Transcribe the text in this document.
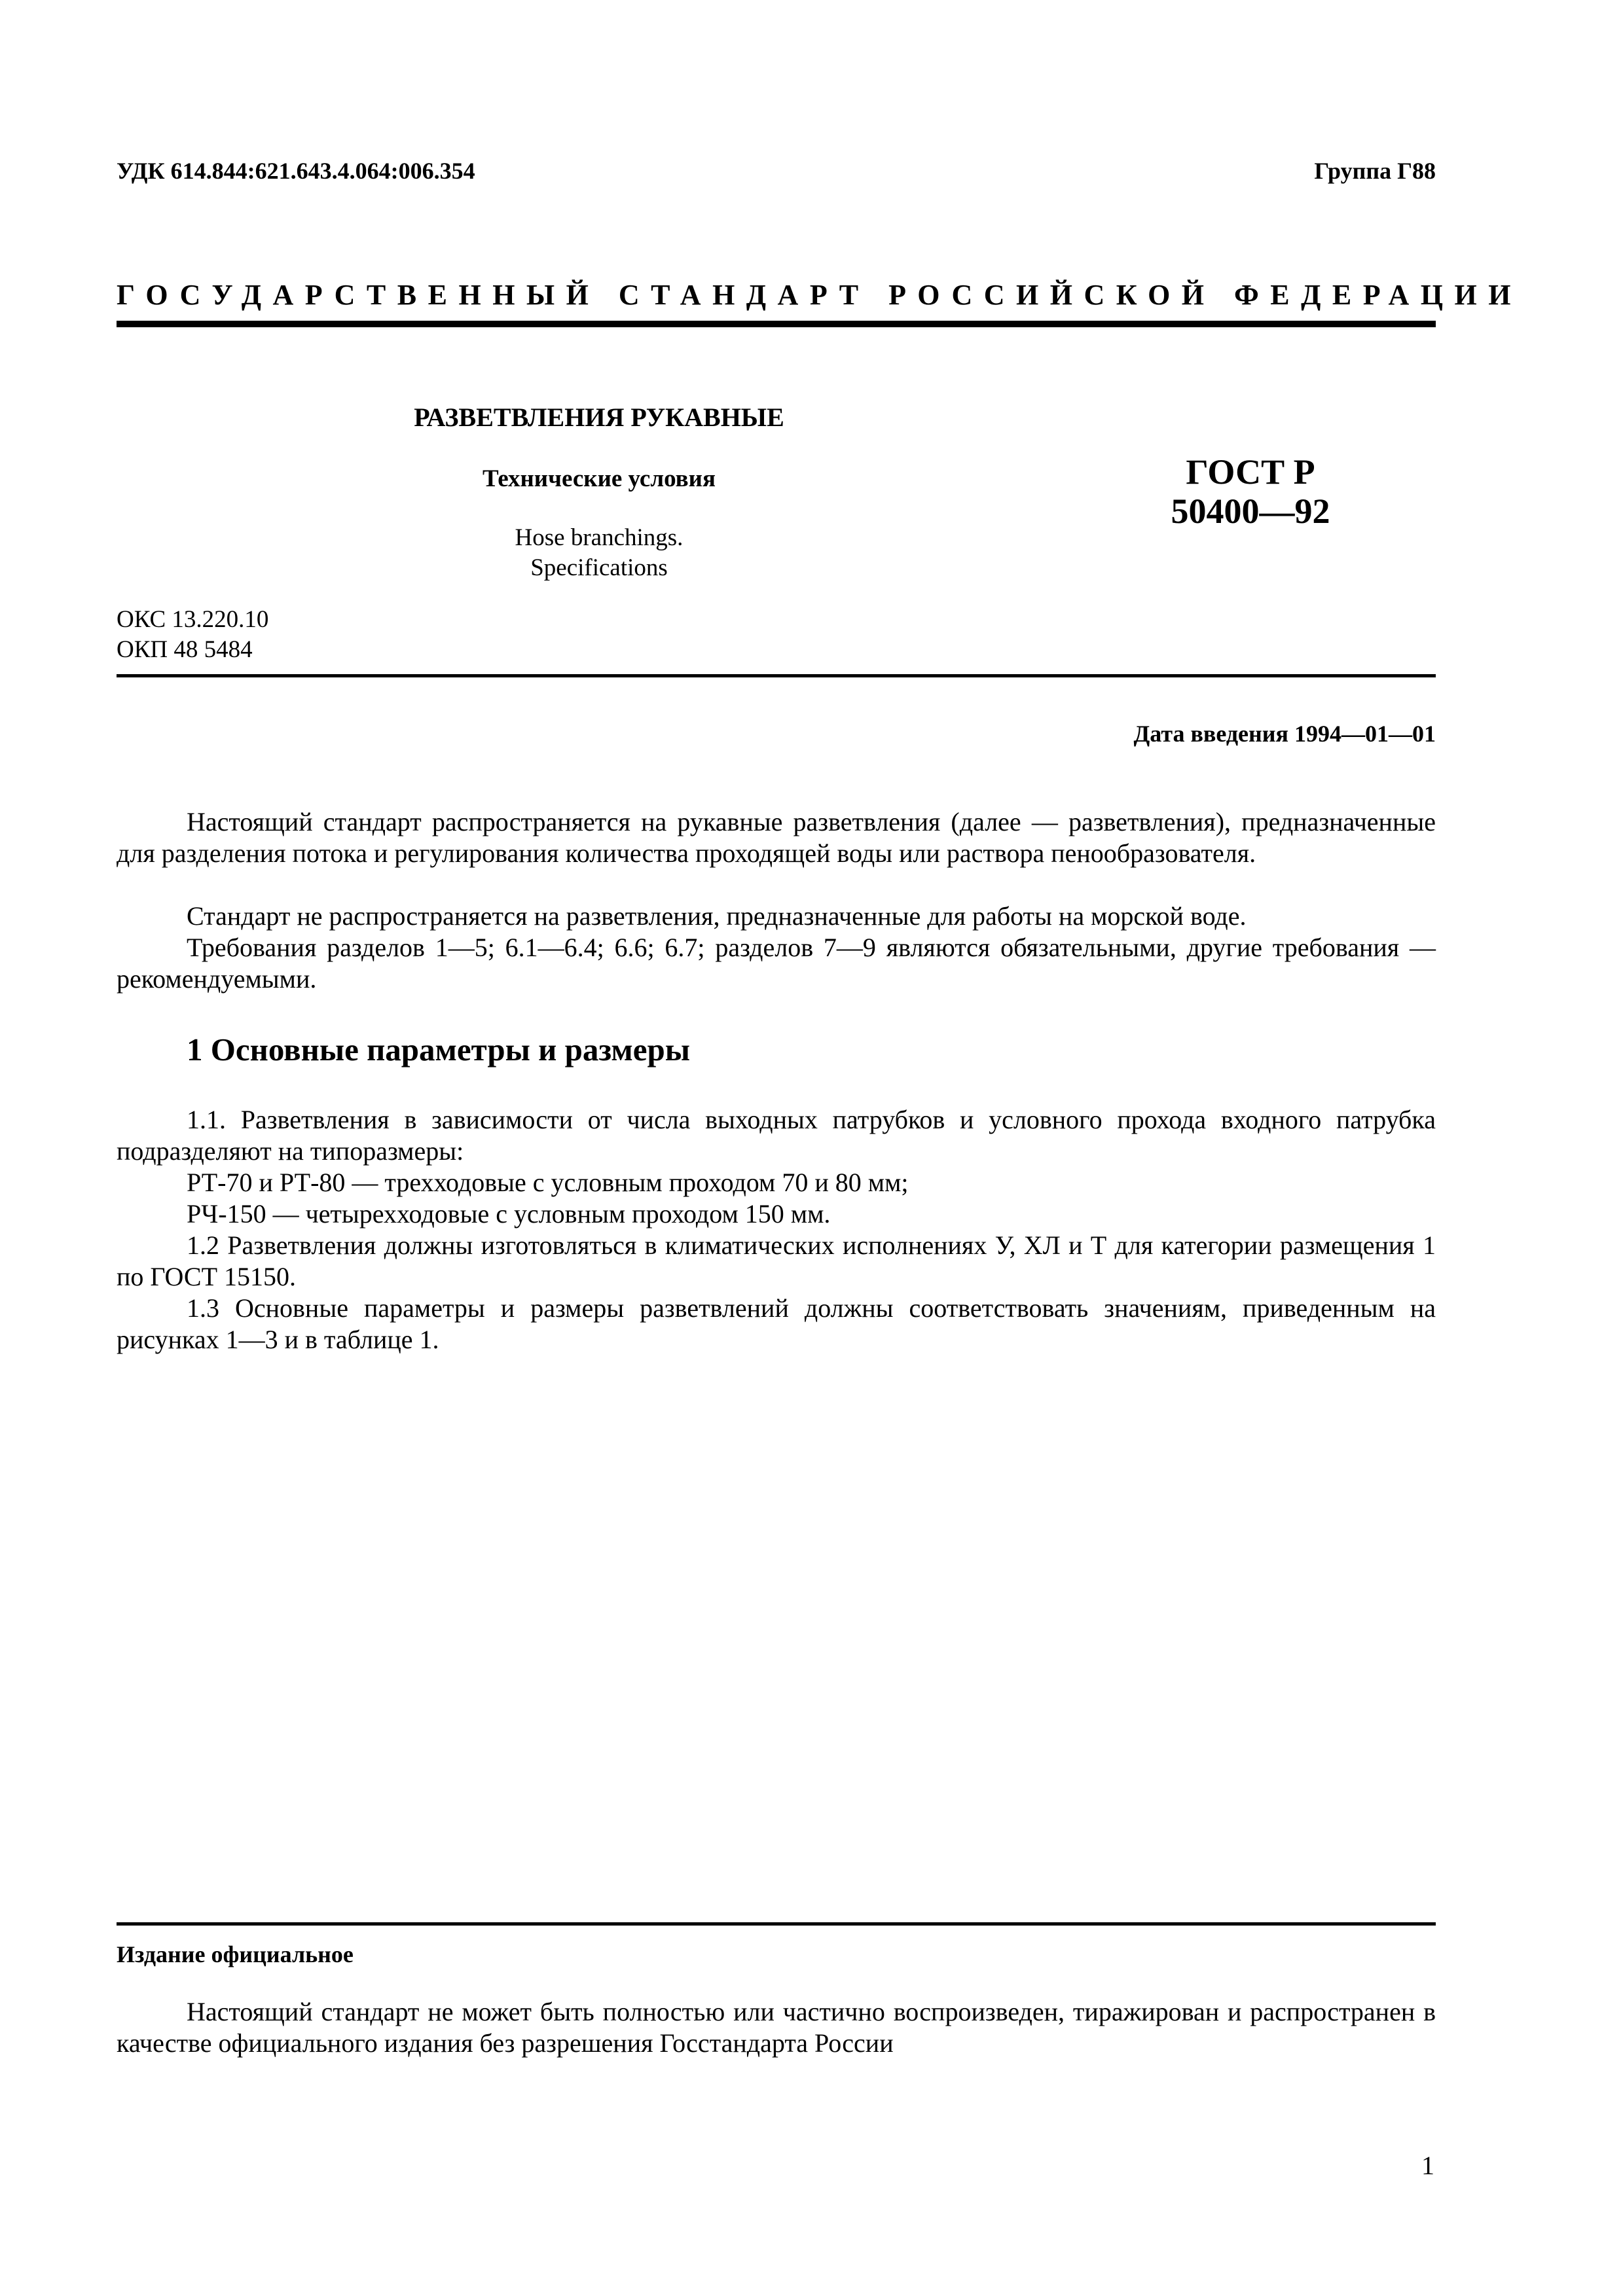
УДК 614.844:621.643.4.064:006.354	Группа Г88
ГОСУДАРСТВЕННЫЙ СТАНДАРТ РОССИЙСКОЙ ФЕДЕРАЦИИ
РАЗВЕТВЛЕНИЯ РУКАВНЫЕ
Технические условия
Hose branchings.
Specifications
ГОСТ Р
50400—92
ОКС 13.220.10
ОКП 48 5484
Дата введения 1994—01—01
Настоящий стандарт распространяется на рукавные разветвления (далее — разветвления), предназначенные для разделения потока и регулирования количества проходящей воды или раствора пенообразователя.
Стандарт не распространяется на разветвления, предназначенные для работы на морской воде.
Требования разделов 1—5; 6.1—6.4; 6.6; 6.7; разделов 7—9 являются обязательными, другие требования — рекомендуемыми.
1 Основные параметры и размеры
1.1. Разветвления в зависимости от числа выходных патрубков и условного прохода входного патрубка подразделяют на типоразмеры:
РТ-70 и РТ-80 — трехходовые с условным проходом 70 и 80 мм;
РЧ-150 — четырехходовые с условным проходом 150 мм.
1.2 Разветвления должны изготовляться в климатических исполнениях У, ХЛ и Т для категории размещения 1 по ГОСТ 15150.
1.3 Основные параметры и размеры разветвлений должны соответствовать значениям, приведенным на рисунках 1—3 и в таблице 1.
Издание официальное
Настоящий стандарт не может быть полностью или частично воспроизведен, тиражирован и распространен в качестве официального издания без разрешения Госстандарта России
1
